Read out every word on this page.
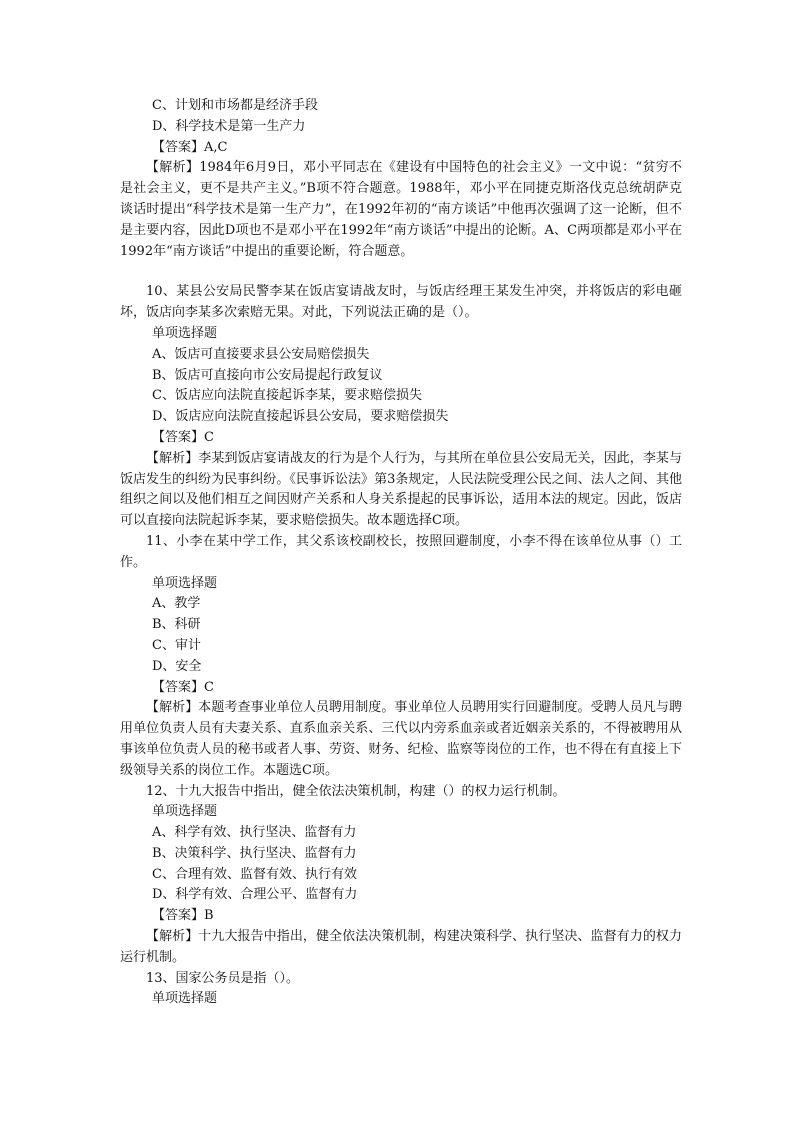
C、计划和市场都是经济手段
D、科学技术是第一生产力
【答案】A,C
【解析】1984年6月9日，邓小平同志在《建设有中国特色的社会主义》一文中说：“贫穷不是社会主义，更不是共产主义。”B项不符合题意。1988年，邓小平在同捷克斯洛伐克总统胡萨克谈话时提出“科学技术是第一生产力”，在1992年初的“南方谈话”中他再次强调了这一论断，但不是主要内容，因此D项也不是邓小平在1992年“南方谈话”中提出的论断。A、C两项都是邓小平在1992年“南方谈话”中提出的重要论断，符合题意。
10、某县公安局民警李某在饭店宴请战友时，与饭店经理王某发生冲突，并将饭店的彩电砸坏，饭店向李某多次索赔无果。对此，下列说法正确的是（）。
单项选择题
A、饭店可直接要求县公安局赔偿损失
B、饭店可直接向市公安局提起行政复议
C、饭店应向法院直接起诉李某，要求赔偿损失
D、饭店应向法院直接起诉县公安局，要求赔偿损失
【答案】C
【解析】李某到饭店宴请战友的行为是个人行为，与其所在单位县公安局无关，因此，李某与饭店发生的纠纷为民事纠纷。《民事诉讼法》第3条规定，人民法院受理公民之间、法人之间、其他组织之间以及他们相互之间因财产关系和人身关系提起的民事诉讼，适用本法的规定。因此，饭店可以直接向法院起诉李某，要求赔偿损失。故本题选择C项。
11、小李在某中学工作，其父系该校副校长，按照回避制度，小李不得在该单位从事（）工作。
单项选择题
A、教学
B、科研
C、审计
D、安全
【答案】C
【解析】本题考查事业单位人员聘用制度。事业单位人员聘用实行回避制度。受聘人员凡与聘用单位负责人员有夫妻关系、直系血亲关系、三代以内旁系血亲或者近姻亲关系的，不得被聘用从事该单位负责人员的秘书或者人事、劳资、财务、纪检、监察等岗位的工作，也不得在有直接上下级领导关系的岗位工作。本题选C项。
12、十九大报告中指出，健全依法决策机制，构建（）的权力运行机制。
单项选择题
A、科学有效、执行坚决、监督有力
B、决策科学、执行坚决、监督有力
C、合理有效、监督有效、执行有效
D、科学有效、合理公平、监督有力
【答案】B
【解析】十九大报告中指出，健全依法决策机制，构建决策科学、执行坚决、监督有力的权力运行机制。
13、国家公务员是指（）。
单项选择题
